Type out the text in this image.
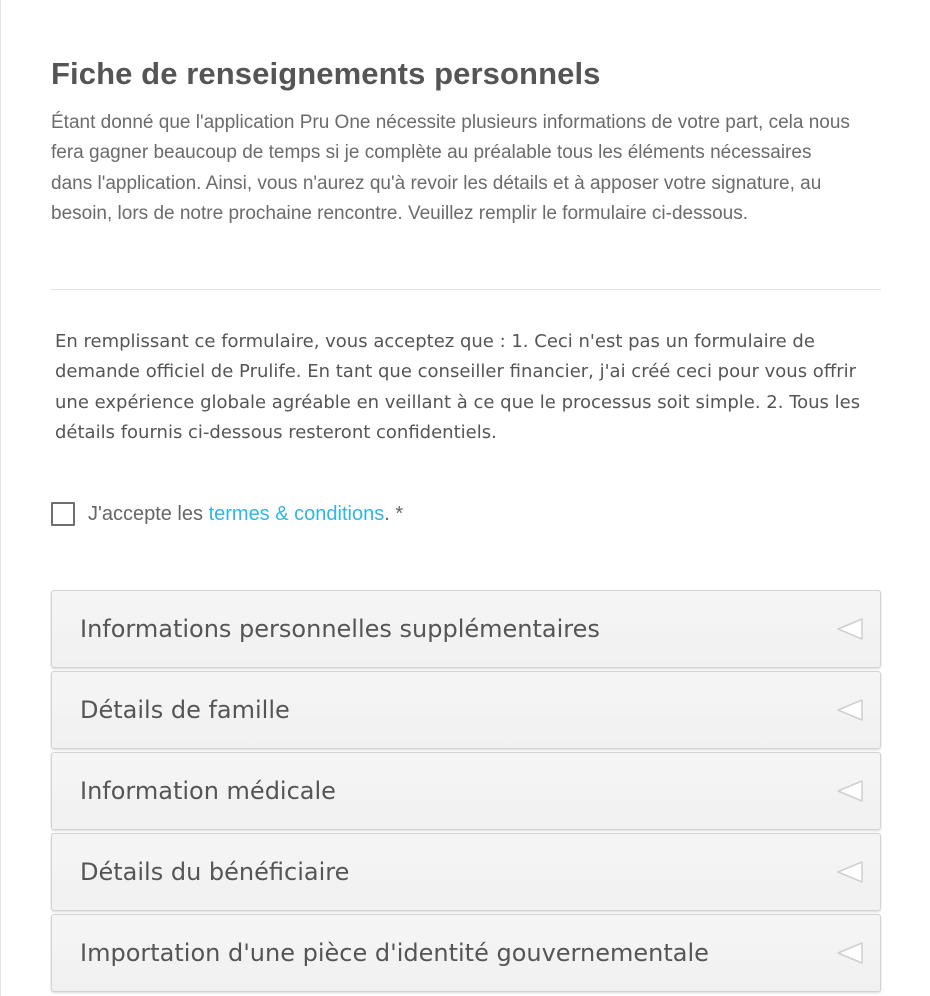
Fiche de renseignements personnels

Étant donné que l'application Pru One nécessite plusieurs informations de votre part, cela nous fera gagner beaucoup de temps si je complète au préalable tous les éléments nécessaires dans l'application. Ainsi, vous n'aurez qu'à revoir les détails et à apposer votre signature, au besoin, lors de notre prochaine rencontre. Veuillez remplir le formulaire ci-dessous.

En remplissant ce formulaire, vous acceptez que : 1. Ceci n'est pas un formulaire de demande officiel de Prulife. En tant que conseiller financier, j'ai créé ceci pour vous offrir une expérience globale agréable en veillant à ce que le processus soit simple. 2. Tous les détails fournis ci-dessous resteront confidentiels.

J'accepte les termes & conditions. *
Informations personnelles supplémentaires
Détails de famille
Information médicale
Détails du bénéficiaire
Importation d'une pièce d'identité gouvernementale
